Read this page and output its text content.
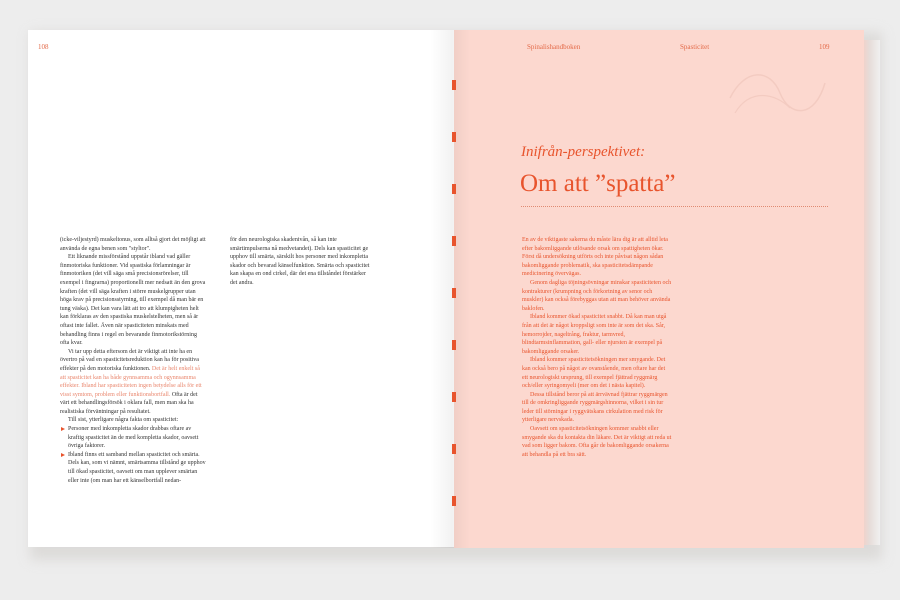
108

(icke-viljestyrd) muskeltonus, som alltså gjort det möjligt att använda de egna benen som "styltor".

Ett liknande missförstånd uppstår ibland vad gäller finmotoriska funktioner. Vid spastiska förlamningar är finmotoriken (det vill säga små precisionsrörelser, till exempel i fingrarna) proportionellt mer nedsatt än den grova kraften (det vill säga kraften i större muskelgrupper utan höga krav på precisionsstyrning, till exempel då man bär en tung väska). Det kan vara lätt att tro att klumpigheten helt kan förklaras av den spastiska muskelstelheten, men så är oftast inte fallet. Även när spasticiteten minskats med behandling finns i regel en bevarande finmotorikstörning ofta kvar.

Vi tar upp detta eftersom det är viktigt att inte ha en övertro på vad en spasticitetsreduktion kan ha för positiva effekter på den motoriska funktionen. Det är helt enkelt så att spasticitet kan ha både gynnsamma och ogynnsamma effekter. Ibland har spasticiteten ingen betydelse alls för ett visst symtom, problem eller funktionsbortfall. Ofta är det värt ett behandlingsförsök i oklara fall, men man ska ha realistiska förväntningar på resultatet.

Till sist, ytterligare några fakta om spasticitet:

Personer med inkompletta skador drabbas oftare av kraftig spasticitet än de med kompletta skador, oavsett övriga faktorer.

Ibland finns ett samband mellan spasticitet och smärta. Dels kan, som vi nämnt, smärtsamma tillstånd ge upphov till ökad spasticitet, oavsett om man upplever smärtan eller inte (om man har ett känselbortfall nedan-

för den neurologiska skadenivån, så kan inte smärtimpulserna nå medvetandet). Dels kan spasticitet ge upphov till smärta, särskilt hos personer med inkompletta skador och bevarad känselfunktion. Smärta och spasticitet kan skapa en ond cirkel, där det ena tillståndet förstärker det andra.

Spinalishandboken	Spasticitet	109
Inifrån-perspektivet:
Om att ”spatta”

En av de viktigaste sakerna du måste lära dig är att alltid leta efter bakomliggande utlösande orsak om spattigheten ökar. Först då undersökning utförts och inte påvisat någon sådan bakomliggande problematik, ska spasticitetsdämpande medicinering övervägas.

Genom dagliga töjningsövningar minskar spasticiteten och kontrakturer (krumpning och förkortning av senor och muskler) kan också förebyggas utan att man behöver använda baklofen.

Ibland kommer ökad spasticitet snabbt. Då kan man utgå från att det är något kroppsligt som inte är som det ska. Sår, hemorrojder, nageltrång, fraktur, tarmvred, blindtarmsinflammation, gall- eller njursten är exempel på bakomliggande orsaker.

Ibland kommer spasticitetsökningen mer smygande. Det kan också bero på något av ovanstående, men oftare har det ett neurologiskt ursprung, till exempel fjättrad ryggmärg och/eller syringomyeli (mer om det i nästa kapitel).

Dessa tillstånd beror på att ärrvävnad fjättrar ryggmärgen till de omkringliggande ryggmärgshinnorna, vilket i sin tur leder till störningar i ryggvätskans cirkulation med risk för ytterligare nervskada.

Oavsett om spasticitetsökningen kommer snabbt eller smygande ska du kontakta din läkare. Det är viktigt att reda ut vad som ligger bakom. Ofta går de bakomliggande orsakerna att behandla på ett bra sätt.
